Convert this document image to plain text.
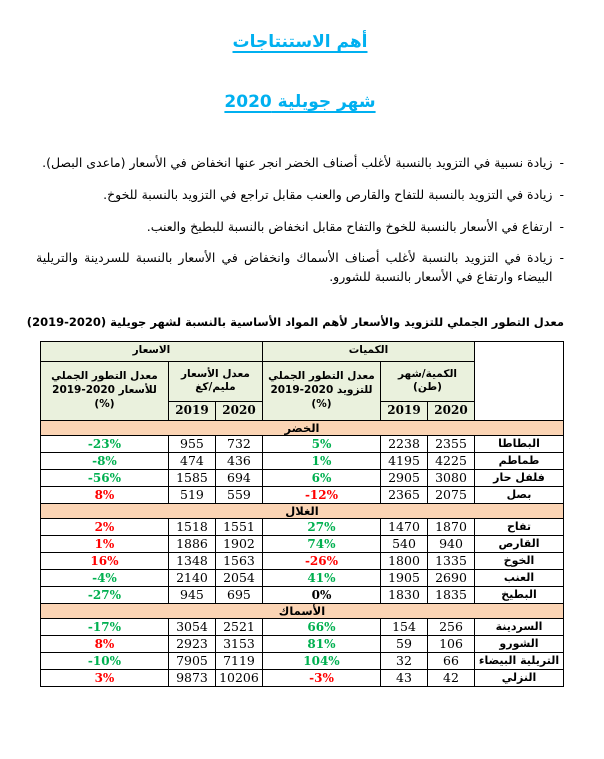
أهم الاستنتاجات
شهر جويلية 2020
-
زيادة نسبية في التزويد بالنسبة لأغلب أصناف الخضر انجر عنها انخفاض في الأسعار (ماعدى البصل).
-
زيادة في التزويد بالنسبة للتفاح والقارص والعنب مقابل تراجع في التزويد بالنسبة للخوخ.
-
ارتفاع في الأسعار بالنسبة للخوخ والتفاح مقابل انخفاض بالنسبة للبطيخ والعنب.
-
زيادة في التزويد بالنسبة لأغلب أصناف الأسماك وانخفاض في الأسعار بالنسبة للسردينة والتريلية البيضاء وارتفاع في الأسعار بالنسبة للشورو.
معدل التطور الجملي للتزويد والأسعار لأهم المواد الأساسية بالنسبة لشهر جويلية (2020-2019)
	الكميات			الاسعار		
	الكمية/شهر (طن)		معدل التطور الجملي للتزويد 2020-2019 (%)	معدل الأسعار مليم/كغ		معدل التطور الجملي للأسعار 2020-2019 (%)
	2020	2019		2020	2019	
الخضر						
البطاطا	2355	2238	5%	732	955	-23%
طماطم	4225	4195	1%	436	474	-8%
فلفل حار	3080	2905	6%	694	1585	-56%
بصل	2075	2365	-12%	559	519	8%
الغلال						
تفاح	1870	1470	27%	1551	1518	2%
القارص	940	540	74%	1902	1886	1%
الخوخ	1335	1800	-26%	1563	1348	16%
العنب	2690	1905	41%	2054	2140	-4%
البطيخ	1835	1830	0%	695	945	-27%
الأسماك						
السردينة	256	154	66%	2521	3054	-17%
الشورو	106	59	81%	3153	2923	8%
التريلية البيضاء	66	32	104%	7119	7905	-10%
النزلي	42	43	-3%	10206	9873	3%
